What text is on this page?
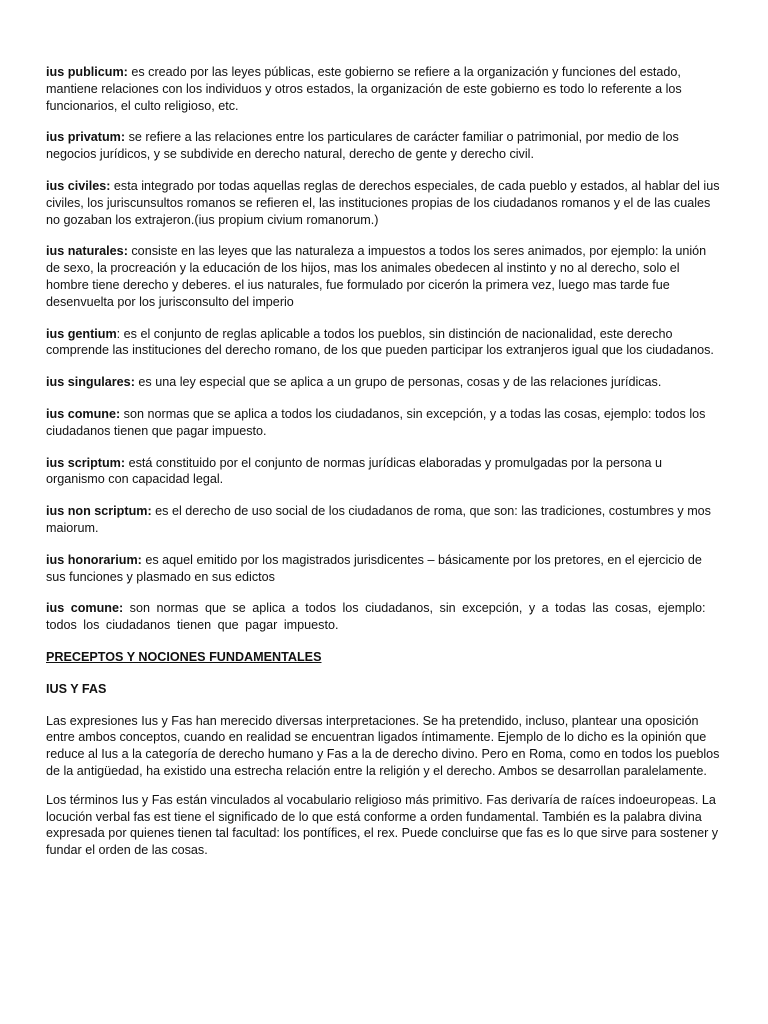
ius publicum: es creado por las leyes públicas, este gobierno se refiere a la organización y funciones del estado, mantiene relaciones con los individuos y otros estados, la organización de este gobierno es todo lo referente a los funcionarios, el culto religioso, etc.

ius privatum: se refiere a las relaciones entre los particulares de carácter familiar o patrimonial, por medio de los negocios jurídicos, y se subdivide en derecho natural, derecho de gente y derecho civil.

ius civiles: esta integrado por todas aquellas reglas de derechos especiales, de cada pueblo y estados, al hablar del ius civiles, los juriscunsultos romanos se refieren el, las instituciones propias de los ciudadanos romanos y el de las cuales no gozaban los extrajeron.(ius propium civium romanorum.)

ius naturales: consiste en las leyes que las naturaleza a impuestos a todos los seres animados, por ejemplo: la unión de sexo, la procreación y la educación de los hijos, mas los animales obedecen al instinto y no al derecho, solo el hombre tiene derecho y deberes. el ius naturales, fue formulado por cicerón la primera vez, luego mas tarde fue desenvuelta por los jurisconsulto del imperio

ius gentium: es el conjunto de reglas aplicable a todos los pueblos, sin distinción de nacionalidad, este derecho comprende las instituciones del derecho romano, de los que pueden participar los extranjeros igual que los ciudadanos.

ius singulares: es una ley especial que se aplica a un grupo de personas, cosas y de las relaciones jurídicas.

ius comune: son normas que se aplica a todos los ciudadanos, sin excepción, y a todas las cosas, ejemplo: todos los ciudadanos tienen que pagar impuesto.

ius scriptum: está constituido por el conjunto de normas jurídicas elaboradas y promulgadas por la persona u organismo con capacidad legal.

ius non scriptum: es el derecho de uso social de los ciudadanos de roma, que son: las tradiciones, costumbres y mos maiorum.

ius honorarium: es aquel emitido por los magistrados jurisdicentes – básicamente por los pretores, en el ejercicio de sus funciones y plasmado en sus edictos

ius comune: son normas que se aplica a todos los ciudadanos, sin excepción, y a todas las cosas, ejemplo: todos los ciudadanos tienen que pagar impuesto.

PRECEPTOS Y NOCIONES FUNDAMENTALES
IUS Y FAS

Las expresiones Ius y Fas han merecido diversas interpretaciones. Se ha pretendido, incluso, plantear una oposición entre ambos conceptos, cuando en realidad se encuentran ligados íntimamente. Ejemplo de lo dicho es la opinión que reduce al Ius a la categoría de derecho humano y Fas a la de derecho divino. Pero en Roma, como en todos los pueblos de la antigüedad, ha existido una estrecha relación entre la religión y el derecho. Ambos se desarrollan paralelamente.

Los términos Ius y Fas están vinculados al vocabulario religioso más primitivo. Fas derivaría de raíces indoeuropeas. La locución verbal fas est tiene el significado de lo que está conforme a orden fundamental. También es la palabra divina expresada por quienes tienen tal facultad: los pontífices, el rex. Puede concluirse que fas es lo que sirve para sostener y fundar el orden de las cosas.
